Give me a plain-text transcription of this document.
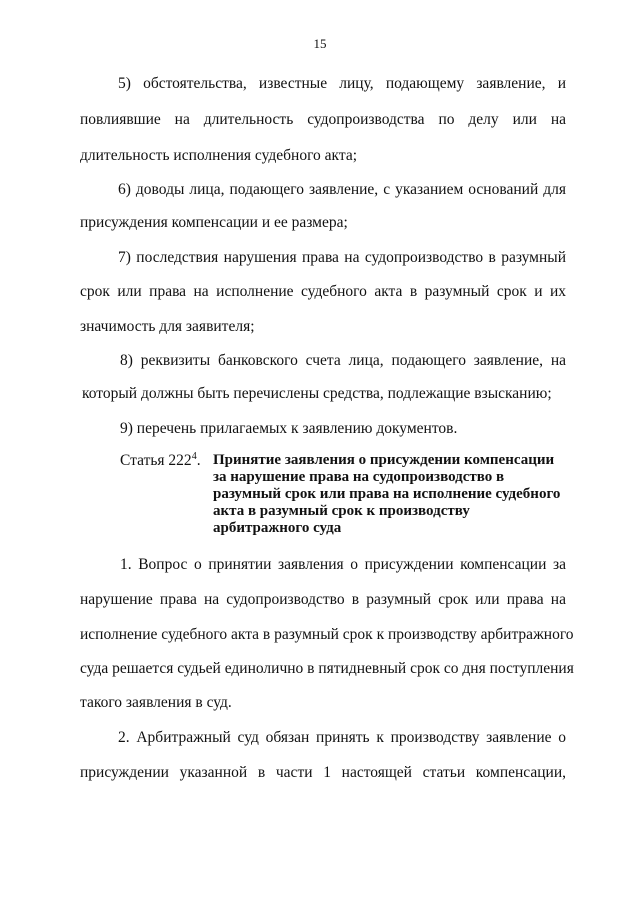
15
5) обстоятельства, известные лицу, подающему заявление, и
повлиявшие на длительность судопроизводства по делу или на
длительность исполнения судебного акта;
6) доводы лица, подающего заявление, с указанием оснований для
присуждения компенсации и ее размера;
7) последствия нарушения права на судопроизводство в разумный
срок или права на исполнение судебного акта в разумный срок и их
значимость для заявителя;
8) реквизиты банковского счета лица, подающего заявление, на
который должны быть перечислены средства, подлежащие взысканию;
9) перечень прилагаемых к заявлению документов.
Статья $222^4$. Принятие заявления о присуждении компенсации за нарушение права на судопроизводство в разумный срок или права на исполнение судебного акта в разумный срок к производству арбитражного суда
1. Вопрос о принятии заявления о присуждении компенсации за
нарушение права на судопроизводство в разумный срок или права на
исполнение судебного акта в разумный срок к производству арбитражного
суда решается судьей единолично в пятидневный срок со дня поступления
такого заявления в суд.
2. Арбитражный суд обязан принять к производству заявление о
присуждении указанной в части 1 настоящей статьи компенсации,
